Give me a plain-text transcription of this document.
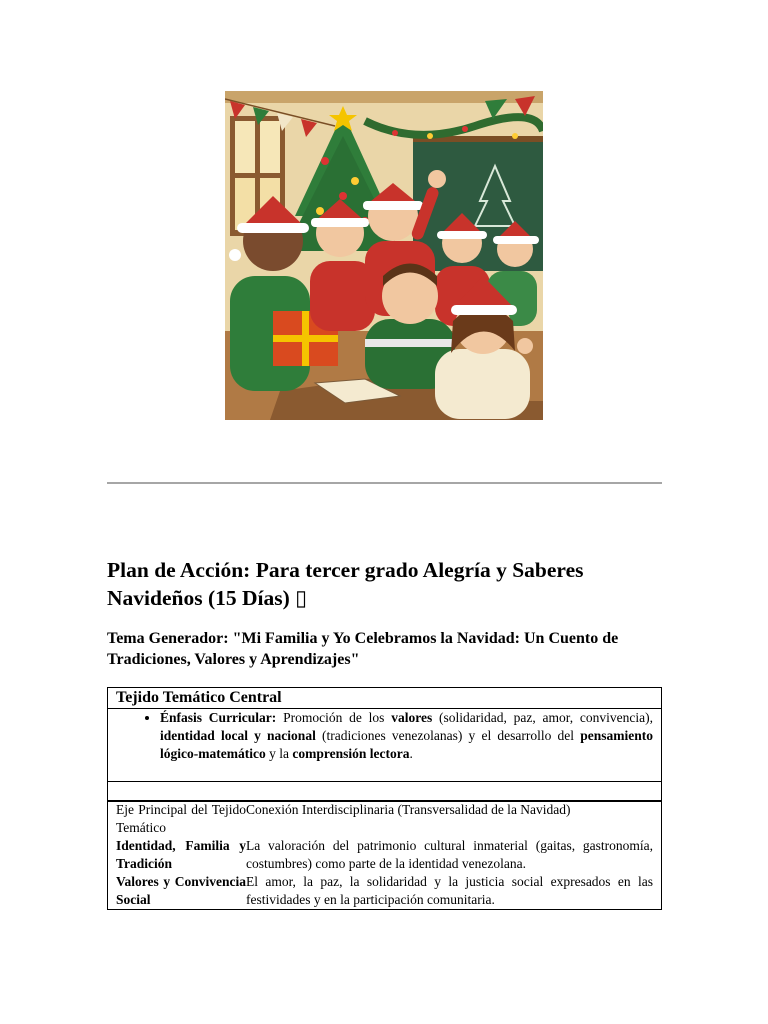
Plan de Acción: Para tercer grado Alegría y Saberes Navideños (15 Días) ▯
Tema Generador: "Mi Familia y Yo Celebramos la Navidad: Un Cuento de Tradiciones, Valores y Aprendizajes"
Tejido Temático Central

• Énfasis Curricular: Promoción de los valores (solidaridad, paz, amor, convivencia), identidad local y nacional (tradiciones venezolanas) y el desarrollo del pensamiento lógico-matemático y la comprensión lectora.

Eje Principal del Tejido Temático	Conexión Interdisciplinaria (Transversalidad de la Navidad)
Identidad, Familia y Tradición	La valoración del patrimonio cultural inmaterial (gaitas, gastronomía, costumbres) como parte de la identidad venezolana.
Valores y Convivencia Social	El amor, la paz, la solidaridad y la justicia social expresados en las festividades y en la participación comunitaria.
